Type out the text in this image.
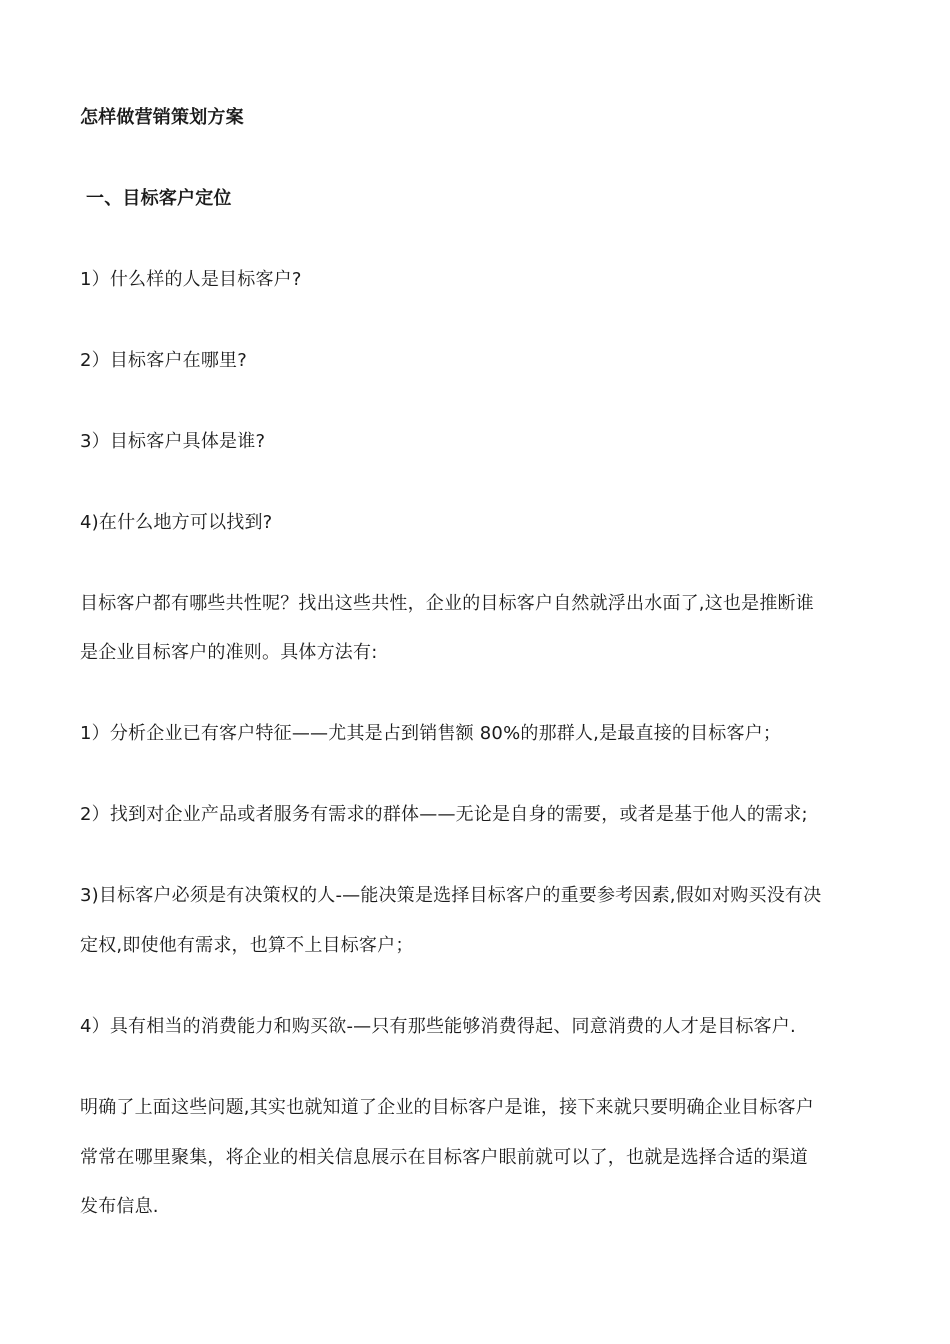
怎样做营销策划方案
一、目标客户定位
1）什么样的人是目标客户?
2）目标客户在哪里?
3）目标客户具体是谁?
4)在什么地方可以找到?
目标客户都有哪些共性呢？找出这些共性，企业的目标客户自然就浮出水面了,这也是推断谁
是企业目标客户的准则。具体方法有:
1）分析企业已有客户特征——尤其是占到销售额 80%的那群人,是最直接的目标客户；
2）找到对企业产品或者服务有需求的群体——无论是自身的需要，或者是基于他人的需求;
3)目标客户必须是有决策权的人-—能决策是选择目标客户的重要参考因素,假如对购买没有决
定权,即使他有需求，也算不上目标客户；
4）具有相当的消费能力和购买欲-—只有那些能够消费得起、同意消费的人才是目标客户.
明确了上面这些问题,其实也就知道了企业的目标客户是谁，接下来就只要明确企业目标客户
常常在哪里聚集，将企业的相关信息展示在目标客户眼前就可以了，也就是选择合适的渠道
发布信息.
